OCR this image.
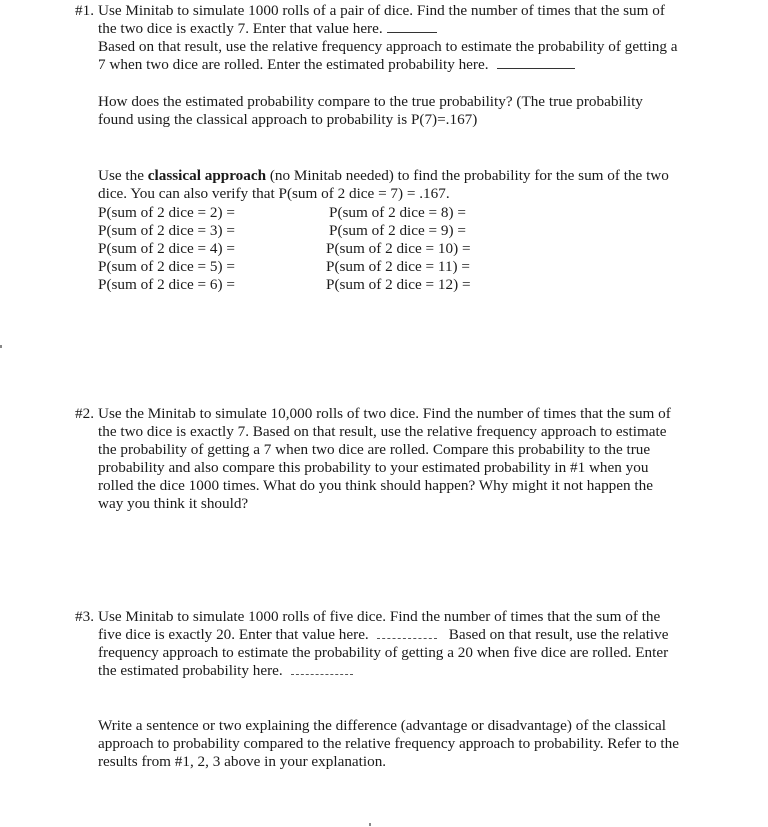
#1. Use Minitab to simulate 1000 rolls of a pair of dice. Find the number of times that the sum of

the two dice is exactly 7. Enter that value here.

Based on that result, use the relative frequency approach to estimate the probability of getting a

7 when two dice are rolled. Enter the estimated probability here.

How does the estimated probability compare to the true probability? (The true probability

found using the classical approach to probability is P(7)=.167)

Use the classical approach (no Minitab needed) to find the probability for the sum of the two

dice. You can also verify that P(sum of 2 dice = 7) = .167.

P(sum of 2 dice = 2) =	P(sum of 2 dice = 8) =
P(sum of 2 dice = 3) =	P(sum of 2 dice = 9) =
P(sum of 2 dice = 4) =	P(sum of 2 dice = 10) =
P(sum of 2 dice = 5) =	P(sum of 2 dice = 11) =
P(sum of 2 dice = 6) =	P(sum of 2 dice = 12) =
#2. Use the Minitab to simulate 10,000 rolls of two dice. Find the number of times that the sum of

the two dice is exactly 7. Based on that result, use the relative frequency approach to estimate

the probability of getting a 7 when two dice are rolled. Compare this probability to the true

probability and also compare this probability to your estimated probability in #1 when you

rolled the dice 1000 times. What do you think should happen? Why might it not happen the

way you think it should?

#3. Use Minitab to simulate 1000 rolls of five dice. Find the number of times that the sum of the

five dice is exactly 20. Enter that value here.	Based on that result, use the relative

frequency approach to estimate the probability of getting a 20 when five dice are rolled. Enter

the estimated probability here.

Write a sentence or two explaining the difference (advantage or disadvantage) of the classical

approach to probability compared to the relative frequency approach to probability. Refer to the

results from #1, 2, 3 above in your explanation.
